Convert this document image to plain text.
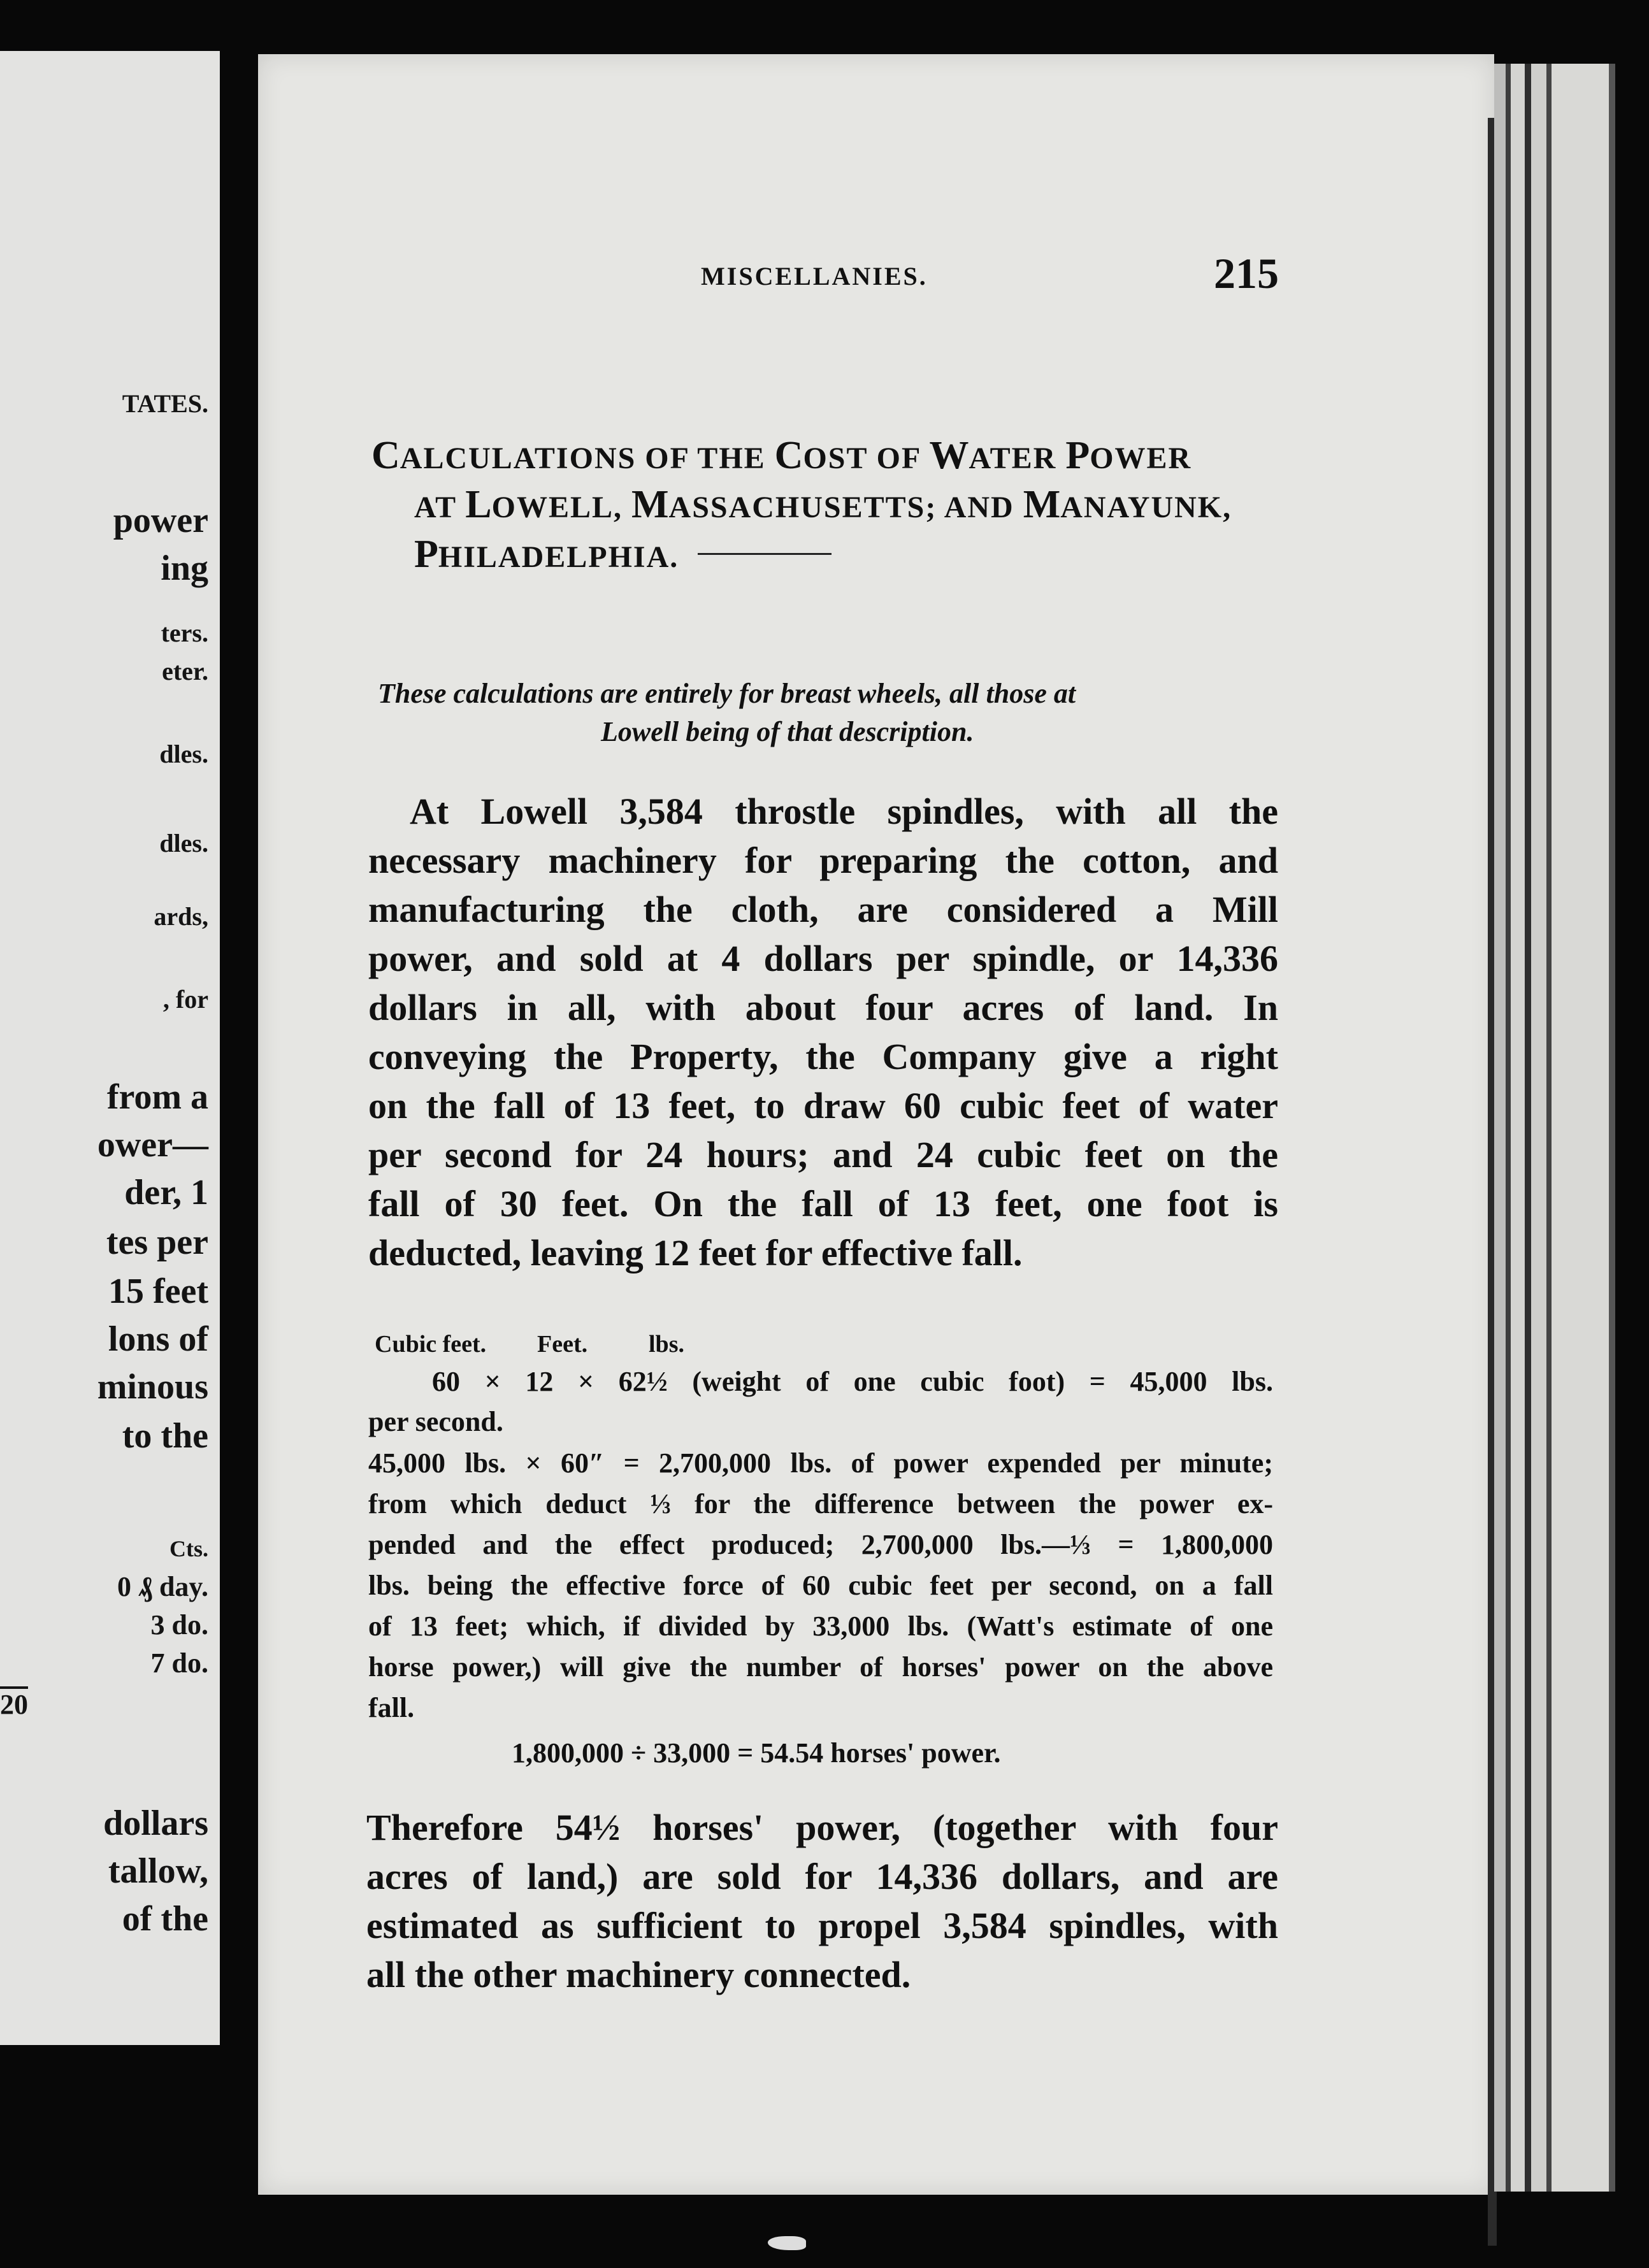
TATES.
power
ing
ters.
eter.
dles.
dles.
ards,
, for
from a
ower—
der, 1
tes per
15 feet
lons of
minous
to the
Cts.
0 ₰ day.
3 do.
7 do.
20
dollars
tallow,
of the
MISCELLANIES.	215
CALCULATIONS OF THE COST OF WATER POWER
AT LOWELL, MASSACHUSETTS; AND MANAYUNK,
PHILADELPHIA.
These calculations are entirely for breast wheels, all those at
Lowell being of that description.
At Lowell 3,584 throstle spindles, with all the
necessary machinery for preparing the cotton, and
manufacturing the cloth, are considered a Mill
power, and sold at 4 dollars per spindle, or 14,336
dollars in all, with about four acres of land. In
conveying the Property, the Company give a right
on the fall of 13 feet, to draw 60 cubic feet of water
per second for 24 hours; and 24 cubic feet on the
fall of 30 feet. On the fall of 13 feet, one foot is
deducted, leaving 12 feet for effective fall.
Cubic feet. Feet.	lbs.
60 × 12 × 62½ (weight of one cubic foot) = 45,000 lbs.
per second.
45,000 lbs. × 60″ = 2,700,000 lbs. of power expended per minute;
from which deduct ⅓ for the difference between the power ex-
pended and the effect produced; 2,700,000 lbs.—⅓ = 1,800,000
lbs. being the effective force of 60 cubic feet per second, on a fall
of 13 feet; which, if divided by 33,000 lbs. (Watt's estimate of one
horse power,) will give the number of horses' power on the above
fall.
1,800,000 ÷ 33,000 = 54.54 horses' power.
Therefore 54½ horses' power, (together with four
acres of land,) are sold for 14,336 dollars, and are
estimated as sufficient to propel 3,584 spindles, with
all the other machinery connected.
